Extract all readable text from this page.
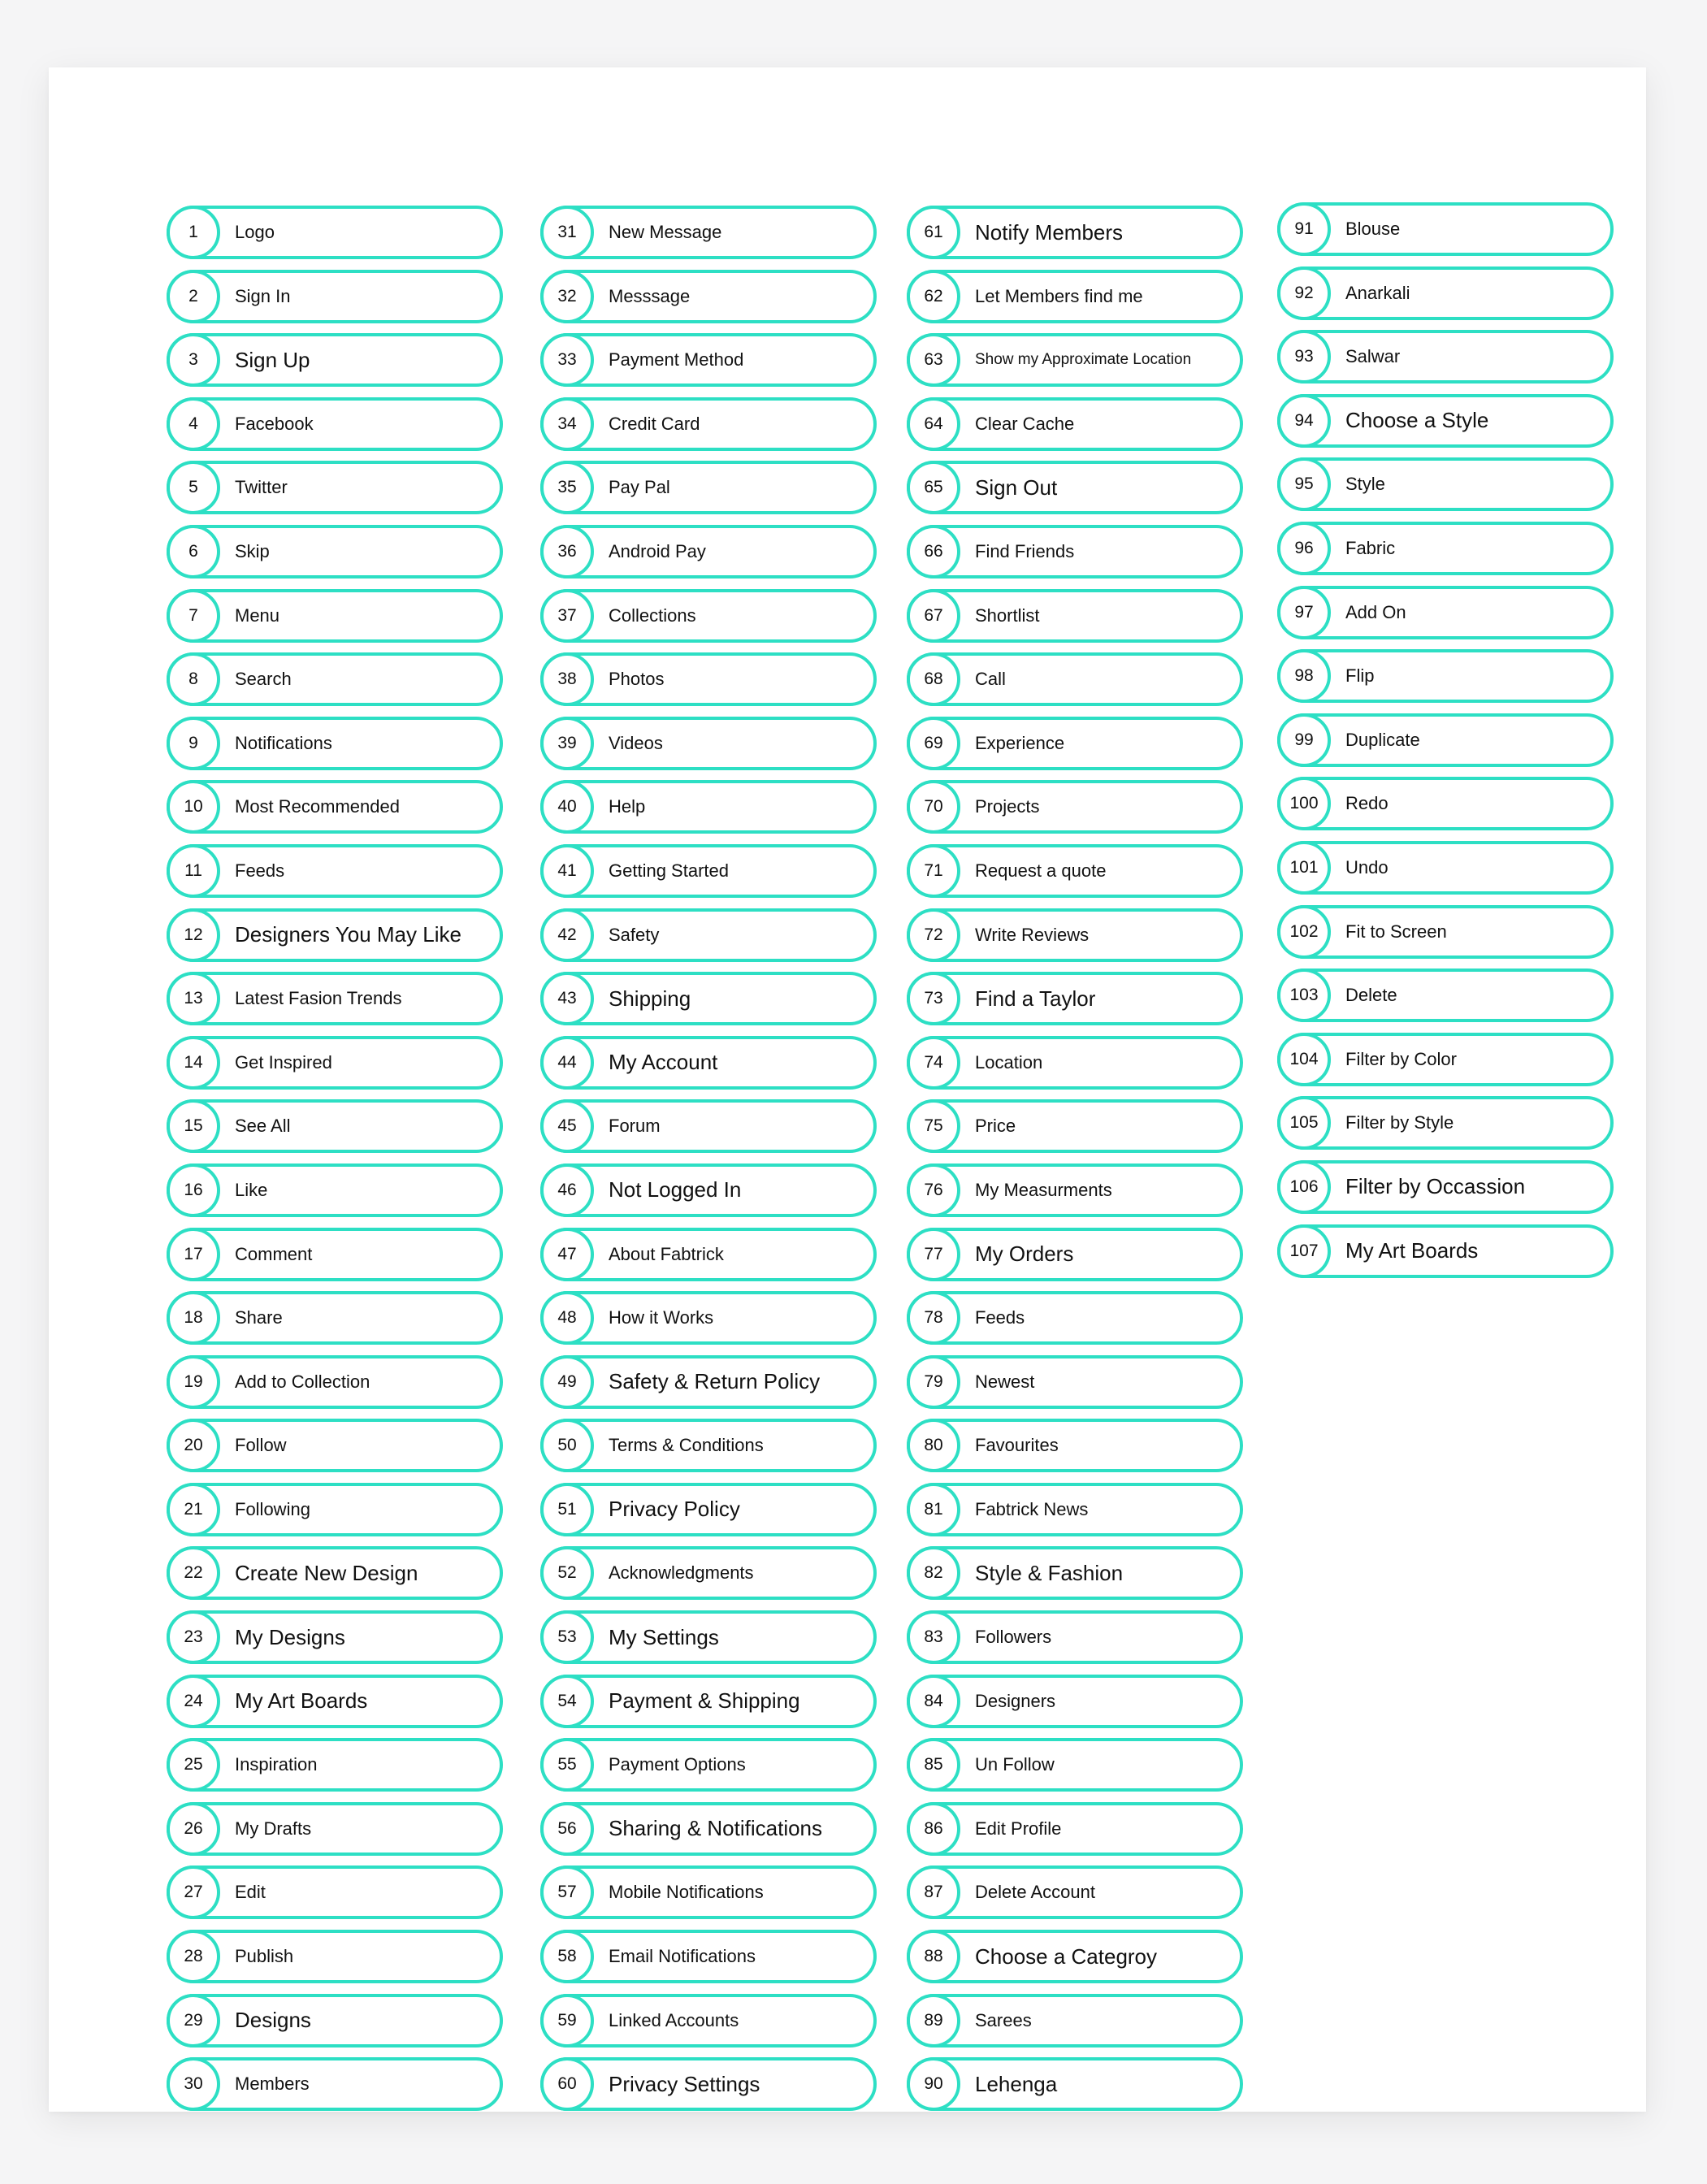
1	Logo
2	Sign In
3	Sign Up
4	Facebook
5	Twitter
6	Skip
7	Menu
8	Search
9	Notifications
10	Most Recommended
11	Feeds
12	Designers You May Like
13	Latest Fasion Trends
14	Get Inspired
15	See All
16	Like
17	Comment
18	Share
19	Add to Collection
20	Follow
21	Following
22	Create New Design
23	My Designs
24	My Art Boards
25	Inspiration
26	My Drafts
27	Edit
28	Publish
29	Designs
30	Members
31	New Message
32	Messsage
33	Payment Method
34	Credit Card
35	Pay Pal
36	Android Pay
37	Collections
38	Photos
39	Videos
40	Help
41	Getting Started
42	Safety
43	Shipping
44	My Account
45	Forum
46	Not Logged In
47	About Fabtrick
48	How it Works
49	Safety & Return Policy
50	Terms & Conditions
51	Privacy Policy
52	Acknowledgments
53	My Settings
54	Payment & Shipping
55	Payment Options
56	Sharing & Notifications
57	Mobile Notifications
58	Email Notifications
59	Linked Accounts
60	Privacy Settings
61	Notify Members
62	Let Members find me
63	Show my Approximate Location
64	Clear Cache
65	Sign Out
66	Find Friends
67	Shortlist
68	Call
69	Experience
70	Projects
71	Request a quote
72	Write Reviews
73	Find a Taylor
74	Location
75	Price
76	My Measurments
77	My Orders
78	Feeds
79	Newest
80	Favourites
81	Fabtrick News
82	Style & Fashion
83	Followers
84	Designers
85	Un Follow
86	Edit Profile
87	Delete Account
88	Choose a Categroy
89	Sarees
90	Lehenga
91	Blouse
92	Anarkali
93	Salwar
94	Choose a Style
95	Style
96	Fabric
97	Add On
98	Flip
99	Duplicate
100	Redo
101	Undo
102	Fit to Screen
103	Delete
104	Filter by Color
105	Filter by Style
106	Filter by Occassion
107	My Art Boards
